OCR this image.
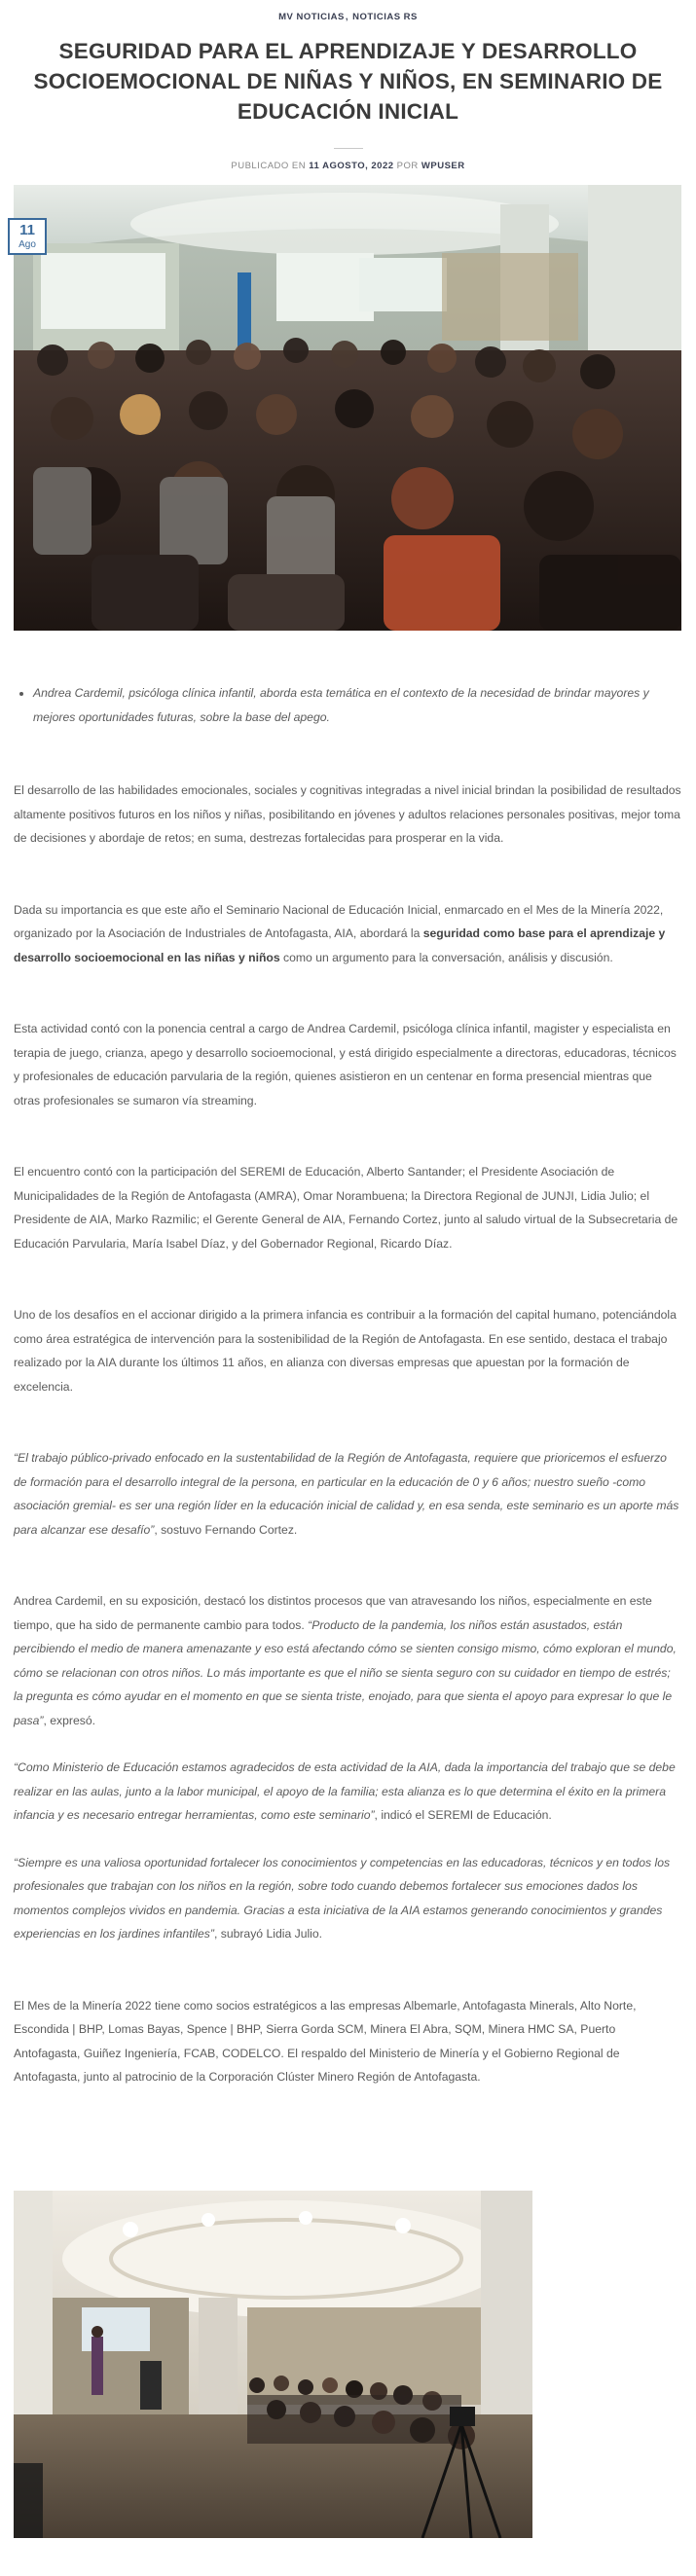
MV NOTICIAS, NOTICIAS RS
SEGURIDAD PARA EL APRENDIZAJE Y DESARROLLO SOCIOEMOCIONAL DE NIÑAS Y NIÑOS, EN SEMINARIO DE EDUCACIÓN INICIAL
PUBLICADO EN 11 AGOSTO, 2022 POR WPUSER
11
Ago
• Andrea Cardemil, psicóloga clínica infantil, aborda esta temática en el contexto de la necesidad de brindar mayores y mejores oportunidades futuras, sobre la base del apego.

El desarrollo de las habilidades emocionales, sociales y cognitivas integradas a nivel inicial brindan la posibilidad de resultados altamente positivos futuros en los niños y niñas, posibilitando en jóvenes y adultos relaciones personales positivas, mejor toma de decisiones y abordaje de retos; en suma, destrezas fortalecidas para prosperar en la vida.

Dada su importancia es que este año el Seminario Nacional de Educación Inicial, enmarcado en el Mes de la Minería 2022, organizado por la Asociación de Industriales de Antofagasta, AIA, abordará la seguridad como base para el aprendizaje y desarrollo socioemocional en las niñas y niños como un argumento para la conversación, análisis y discusión.

Esta actividad contó con la ponencia central a cargo de Andrea Cardemil, psicóloga clínica infantil, magister y especialista en terapia de juego, crianza, apego y desarrollo socioemocional, y está dirigido especialmente a directoras, educadoras, técnicos y profesionales de educación parvularia de la región, quienes asistieron en un centenar en forma presencial mientras que otras profesionales se sumaron vía streaming.

El encuentro contó con la participación del SEREMI de Educación, Alberto Santander; el Presidente Asociación de Municipalidades de la Región de Antofagasta (AMRA), Omar Norambuena; la Directora Regional de JUNJI, Lidia Julio; el Presidente de AIA, Marko Razmilic; el Gerente General de AIA, Fernando Cortez, junto al saludo virtual de la Subsecretaria de Educación Parvularia, María Isabel Díaz, y del Gobernador Regional, Ricardo Díaz.

Uno de los desafíos en el accionar dirigido a la primera infancia es contribuir a la formación del capital humano, potenciándola como área estratégica de intervención para la sostenibilidad de la Región de Antofagasta. En ese sentido, destaca el trabajo realizado por la AIA durante los últimos 11 años, en alianza con diversas empresas que apuestan por la formación de excelencia.

“El trabajo público-privado enfocado en la sustentabilidad de la Región de Antofagasta, requiere que prioricemos el esfuerzo de formación para el desarrollo integral de la persona, en particular en la educación de 0 y 6 años; nuestro sueño -como asociación gremial- es ser una región líder en la educación inicial de calidad y, en esa senda, este seminario es un aporte más para alcanzar ese desafío”, sostuvo Fernando Cortez.

Andrea Cardemil, en su exposición, destacó los distintos procesos que van atravesando los niños, especialmente en este tiempo, que ha sido de permanente cambio para todos. “Producto de la pandemia, los niños están asustados, están percibiendo el medio de manera amenazante y eso está afectando cómo se sienten consigo mismo, cómo exploran el mundo, cómo se relacionan con otros niños. Lo más importante es que el niño se sienta seguro con su cuidador en tiempo de estrés; la pregunta es cómo ayudar en el momento en que se sienta triste, enojado, para que sienta el apoyo para expresar lo que le pasa”, expresó.

“Como Ministerio de Educación estamos agradecidos de esta actividad de la AIA, dada la importancia del trabajo que se debe realizar en las aulas, junto a la labor municipal, el apoyo de la familia; esta alianza es lo que determina el éxito en la primera infancia y es necesario entregar herramientas, como este seminario”, indicó el SEREMI de Educación.

“Siempre es una valiosa oportunidad fortalecer los conocimientos y competencias en las educadoras, técnicos y en todos los profesionales que trabajan con los niños en la región, sobre todo cuando debemos fortalecer sus emociones dados los momentos complejos vividos en pandemia. Gracias a esta iniciativa de la AIA estamos generando conocimientos y grandes experiencias en los jardines infantiles”, subrayó Lidia Julio.

El Mes de la Minería 2022 tiene como socios estratégicos a las empresas Albemarle, Antofagasta Minerals, Alto Norte, Escondida | BHP, Lomas Bayas, Spence | BHP, Sierra Gorda SCM, Minera El Abra, SQM, Minera HMC SA, Puerto Antofagasta, Guiñez Ingeniería, FCAB, CODELCO. El respaldo del Ministerio de Minería y el Gobierno Regional de Antofagasta, junto al patrocinio de la Corporación Clúster Minero Región de Antofagasta.
